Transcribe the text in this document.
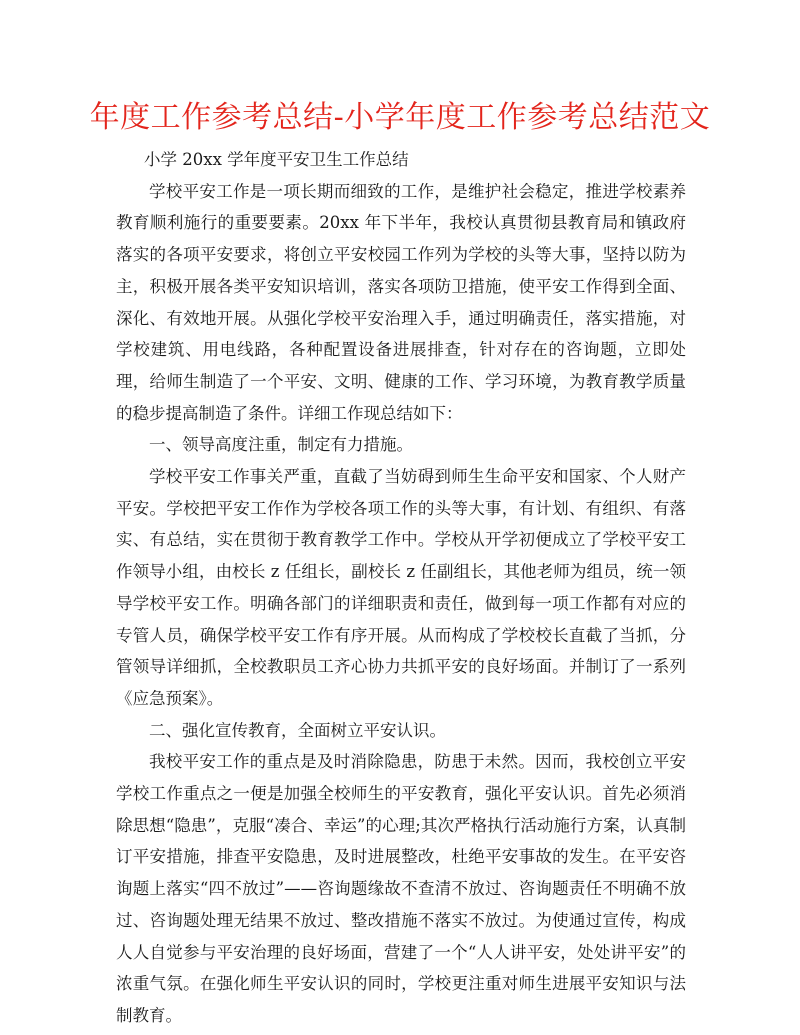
年度工作参考总结-小学年度工作参考总结范文

小学 20xx 学年度平安卫生工作总结

学校平安工作是一项长期而细致的工作，是维护社会稳定，推进学校素养教育顺利施行的重要要素。20xx 年下半年，我校认真贯彻县教育局和镇政府落实的各项平安要求，将创立平安校园工作列为学校的头等大事，坚持以防为主，积极开展各类平安知识培训，落实各项防卫措施，使平安工作得到全面、深化、有效地开展。从强化学校平安治理入手，通过明确责任，落实措施，对学校建筑、用电线路，各种配置设备进展排查，针对存在的咨询题，立即处理，给师生制造了一个平安、文明、健康的工作、学习环境，为教育教学质量的稳步提高制造了条件。详细工作现总结如下：

一、领导高度注重，制定有力措施。

学校平安工作事关严重，直截了当妨碍到师生生命平安和国家、个人财产平安。学校把平安工作作为学校各项工作的头等大事，有计划、有组织、有落实、有总结，实在贯彻于教育教学工作中。学校从开学初便成立了学校平安工作领导小组，由校长 z 任组长，副校长 z 任副组长，其他老师为组员，统一领导学校平安工作。明确各部门的详细职责和责任，做到每一项工作都有对应的专管人员，确保学校平安工作有序开展。从而构成了学校校长直截了当抓，分管领导详细抓，全校教职员工齐心协力共抓平安的良好场面。并制订了一系列《应急预案》。

二、强化宣传教育，全面树立平安认识。

我校平安工作的重点是及时消除隐患，防患于未然。因而，我校创立平安学校工作重点之一便是加强全校师生的平安教育，强化平安认识。首先必须消除思想“隐患”，克服“凑合、幸运”的心理;其次严格执行活动施行方案，认真制订平安措施，排查平安隐患，及时进展整改，杜绝平安事故的发生。在平安咨询题上落实“四不放过”——咨询题缘故不查清不放过、咨询题责任不明确不放过、咨询题处理无结果不放过、整改措施不落实不放过。为使通过宣传，构成人人自觉参与平安治理的良好场面，营建了一个“人人讲平安，处处讲平安”的浓重气氛。在强化师生平安认识的同时，学校更注重对师生进展平安知识与法制教育。
